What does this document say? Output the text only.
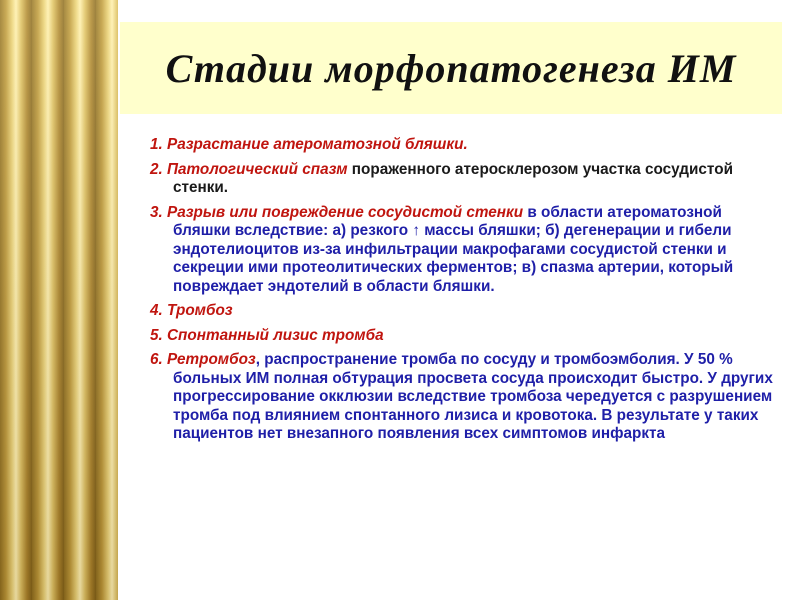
Стадии морфопатогенеза ИМ
1. Разрастание атероматозной бляшки.
2. Патологический спазм пораженного атеросклерозом участка сосудистой стенки.
3. Разрыв или повреждение сосудистой стенки в области атероматозной бляшки вследствие: а) резкого ↑ массы бляшки; б) дегенерации и гибели эндотелиоцитов из-за инфильтрации макрофагами сосудистой стенки и секреции ими протеолитических ферментов; в) спазма артерии, который повреждает эндотелий в области бляшки.
4. Тромбоз
5. Спонтанный лизис тромба
6. Ретромбоз, распространение тромба по сосуду и тромбоэмболия. У 50 % больных ИМ полная обтурация просвета сосуда происходит быстро. У других прогрессирование окклюзии вследствие тромбоза чередуется с разрушением тромба под влиянием спонтанного лизиса и кровотока. В результате у таких пациентов нет внезапного появления всех симптомов инфаркта
